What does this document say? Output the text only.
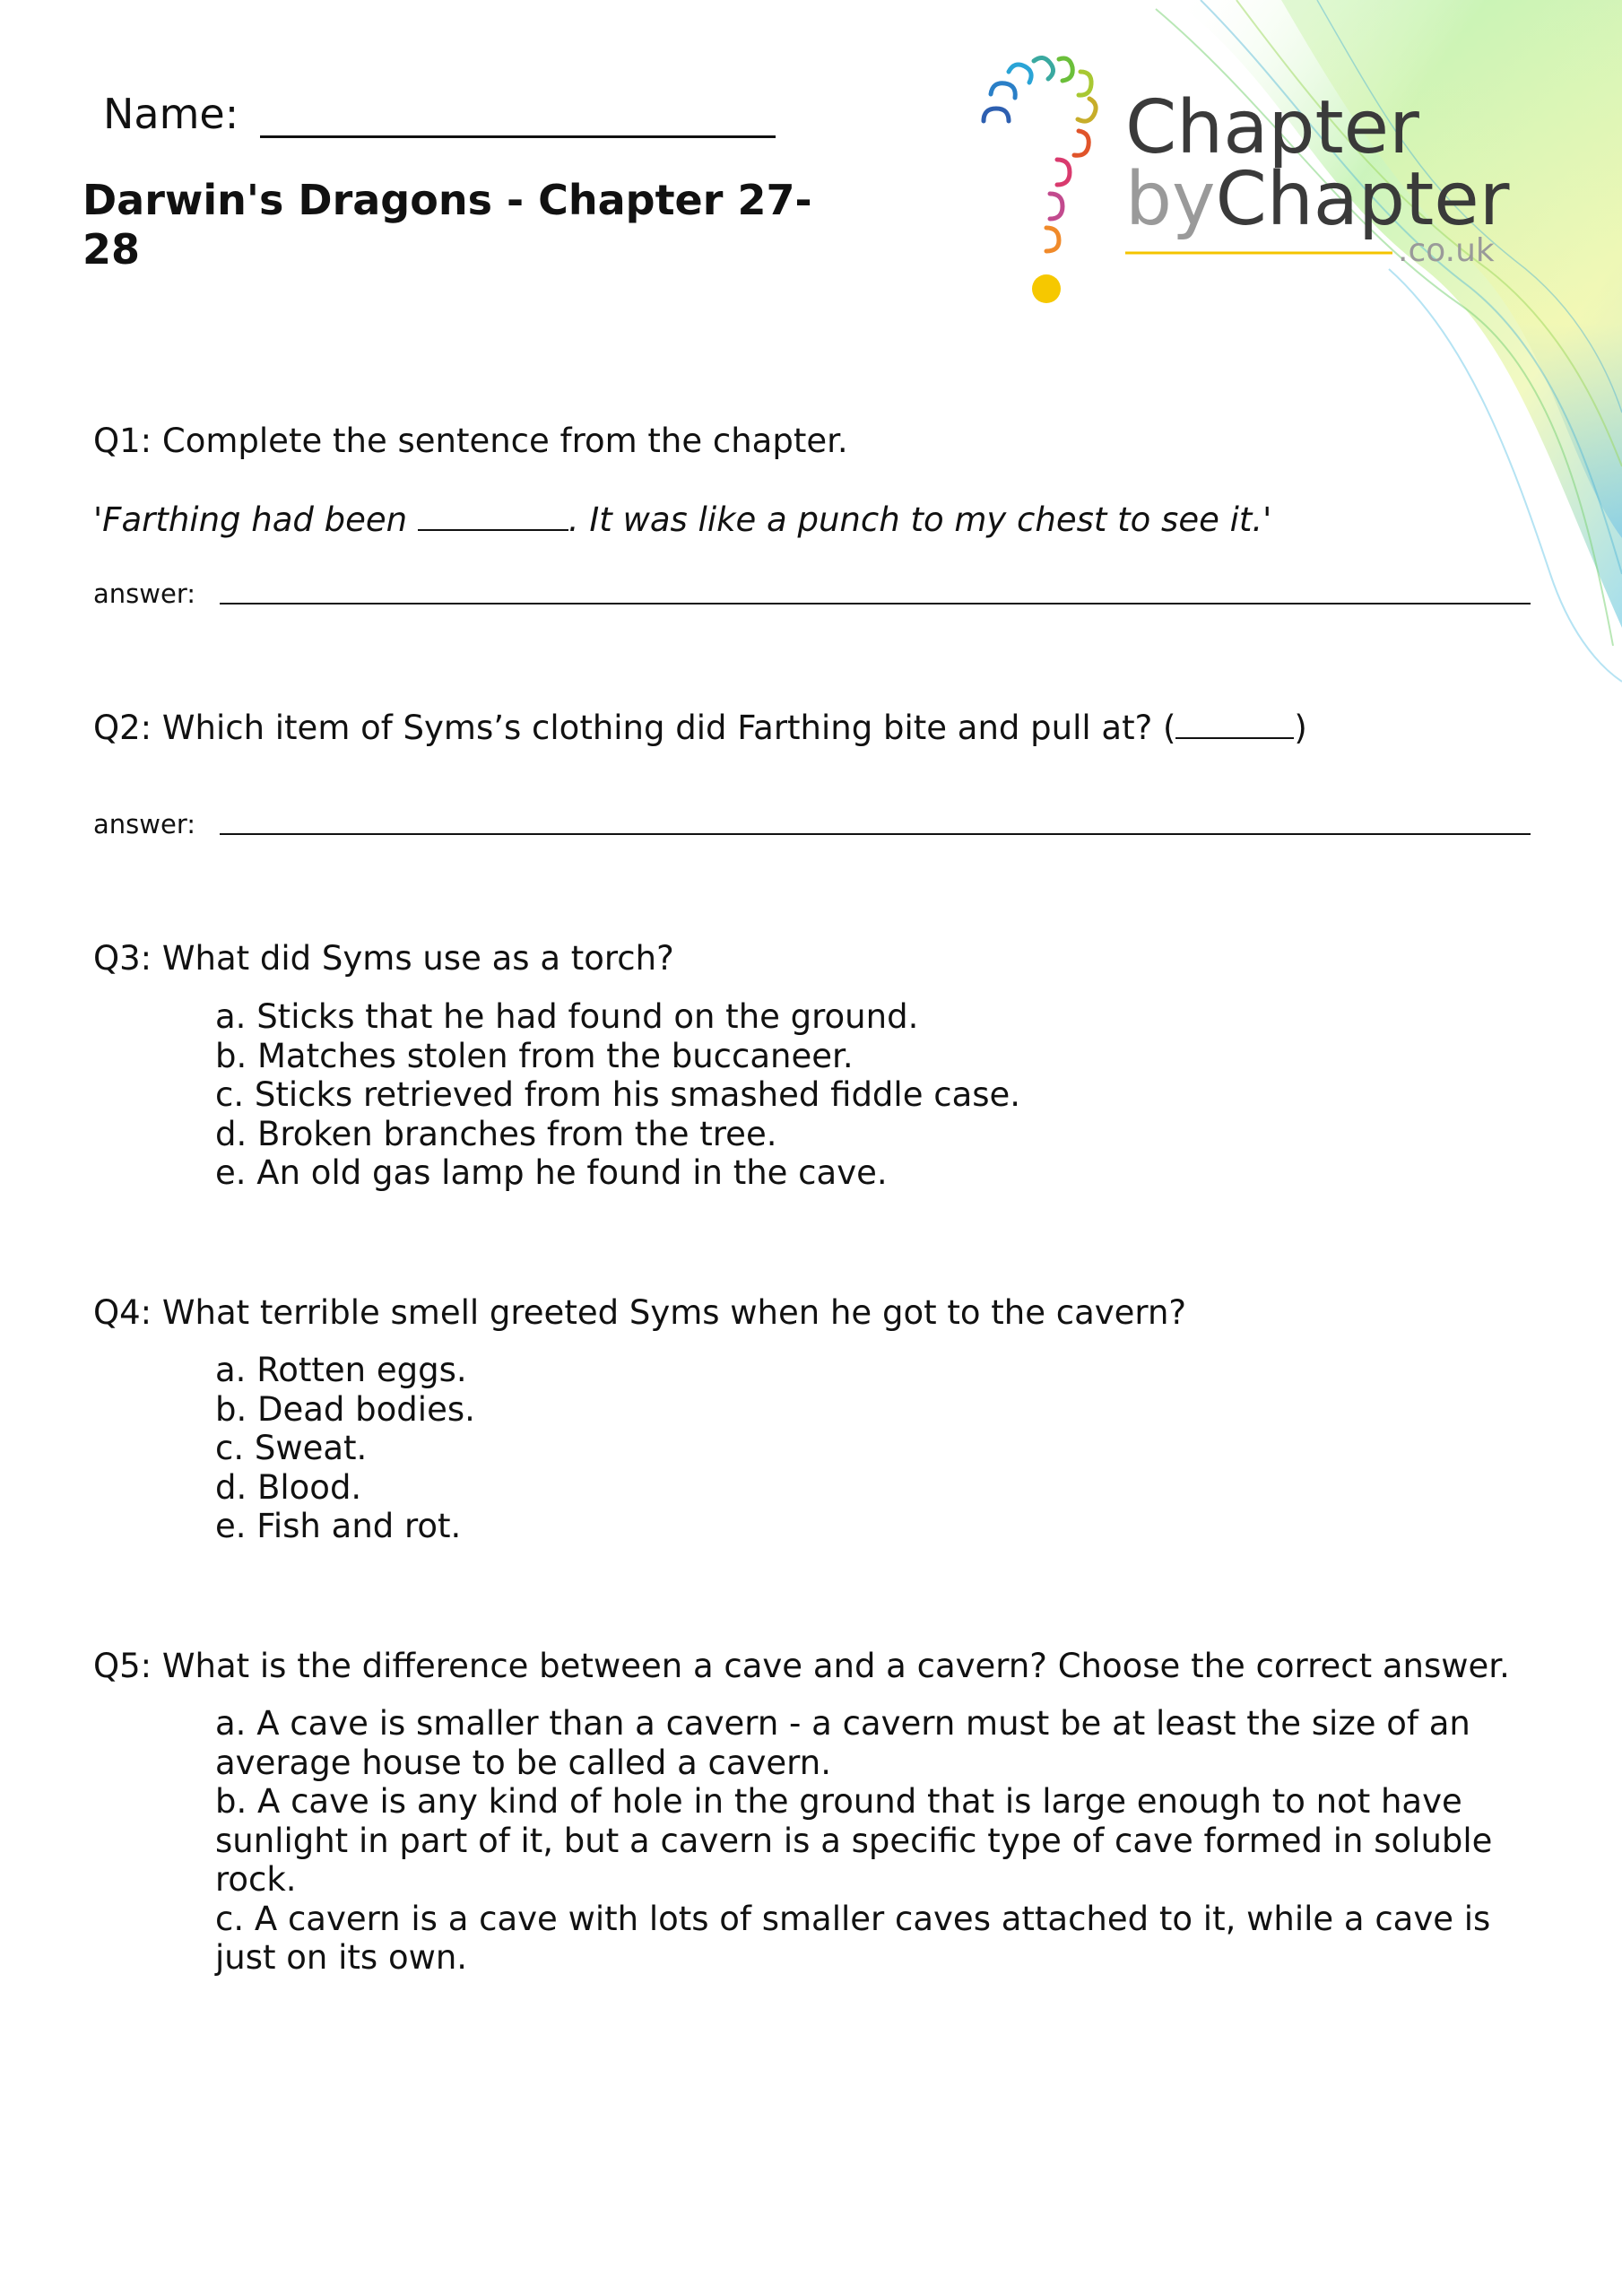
Chapter
byChapter
.co.uk
Name:
Darwin's Dragons - Chapter 27-28
Q1: Complete the sentence from the chapter.
'Farthing had been	. It was like a punch to my chest to see it.'
answer:
Q2: Which item of Syms’s clothing did Farthing bite and pull at? (	)
answer:
Q3: What did Syms use as a torch?
a. Sticks that he had found on the ground.
b. Matches stolen from the buccaneer.
c. Sticks retrieved from his smashed fiddle case.
d. Broken branches from the tree.
e. An old gas lamp he found in the cave.
Q4: What terrible smell greeted Syms when he got to the cavern?
a. Rotten eggs.
b. Dead bodies.
c. Sweat.
d. Blood.
e. Fish and rot.
Q5: What is the difference between a cave and a cavern? Choose the correct answer.
a. A cave is smaller than a cavern - a cavern must be at least the size of an average house to be called a cavern.
b. A cave is any kind of hole in the ground that is large enough to not have sunlight in part of it, but a cavern is a specific type of cave formed in soluble rock.
c. A cavern is a cave with lots of smaller caves attached to it, while a cave is just on its own.
